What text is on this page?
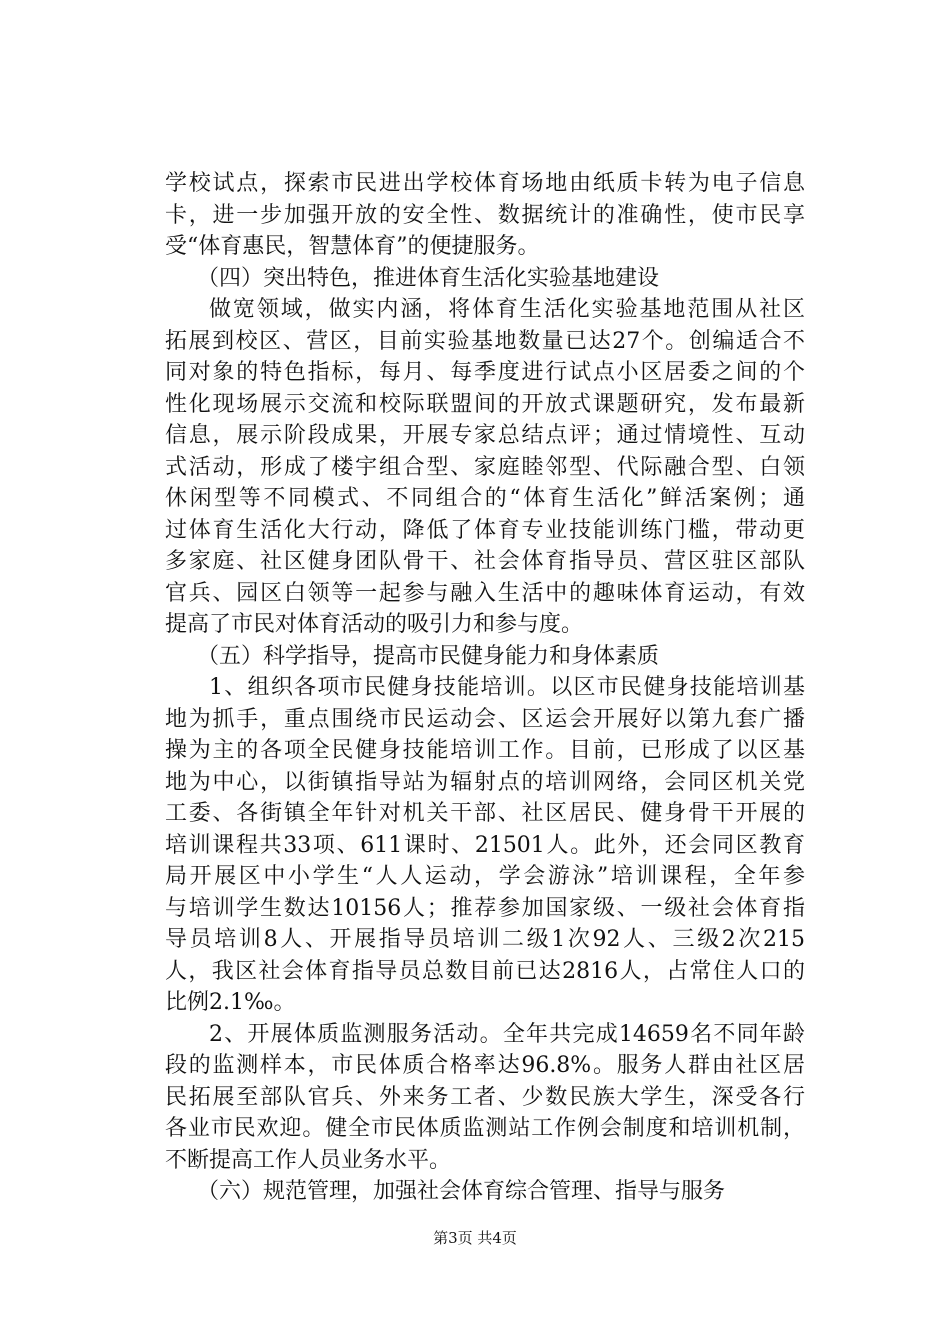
学校试点，探索市民进出学校体育场地由纸质卡转为电子信息
卡，进一步加强开放的安全性、数据统计的准确性，使市民享
受“体育惠民，智慧体育”的便捷服务。
（四）突出特色，推进体育生活化实验基地建设
做宽领域，做实内涵，将体育生活化实验基地范围从社区
拓展到校区、营区，目前实验基地数量已达27个。创编适合不
同对象的特色指标，每月、每季度进行试点小区居委之间的个
性化现场展示交流和校际联盟间的开放式课题研究，发布最新
信息，展示阶段成果，开展专家总结点评；通过情境性、互动
式活动，形成了楼宇组合型、家庭睦邻型、代际融合型、白领
休闲型等不同模式、不同组合的“体育生活化”鲜活案例；通
过体育生活化大行动，降低了体育专业技能训练门槛，带动更
多家庭、社区健身团队骨干、社会体育指导员、营区驻区部队
官兵、园区白领等一起参与融入生活中的趣味体育运动，有效
提高了市民对体育活动的吸引力和参与度。
（五）科学指导，提高市民健身能力和身体素质
1、组织各项市民健身技能培训。以区市民健身技能培训基
地为抓手，重点围绕市民运动会、区运会开展好以第九套广播
操为主的各项全民健身技能培训工作。目前，已形成了以区基
地为中心，以街镇指导站为辐射点的培训网络，会同区机关党
工委、各街镇全年针对机关干部、社区居民、健身骨干开展的
培训课程共33项、611课时、21501人。此外，还会同区教育
局开展区中小学生“人人运动，学会游泳”培训课程，全年参
与培训学生数达10156人；推荐参加国家级、一级社会体育指
导员培训8人、开展指导员培训二级1次92人、三级2次215
人，我区社会体育指导员总数目前已达2816人，占常住人口的
比例2.1‰。
2、开展体质监测服务活动。全年共完成14659名不同年龄
段的监测样本，市民体质合格率达96.8%。服务人群由社区居
民拓展至部队官兵、外来务工者、少数民族大学生，深受各行
各业市民欢迎。健全市民体质监测站工作例会制度和培训机制，
不断提高工作人员业务水平。
（六）规范管理，加强社会体育综合管理、指导与服务
第3页 共4页
